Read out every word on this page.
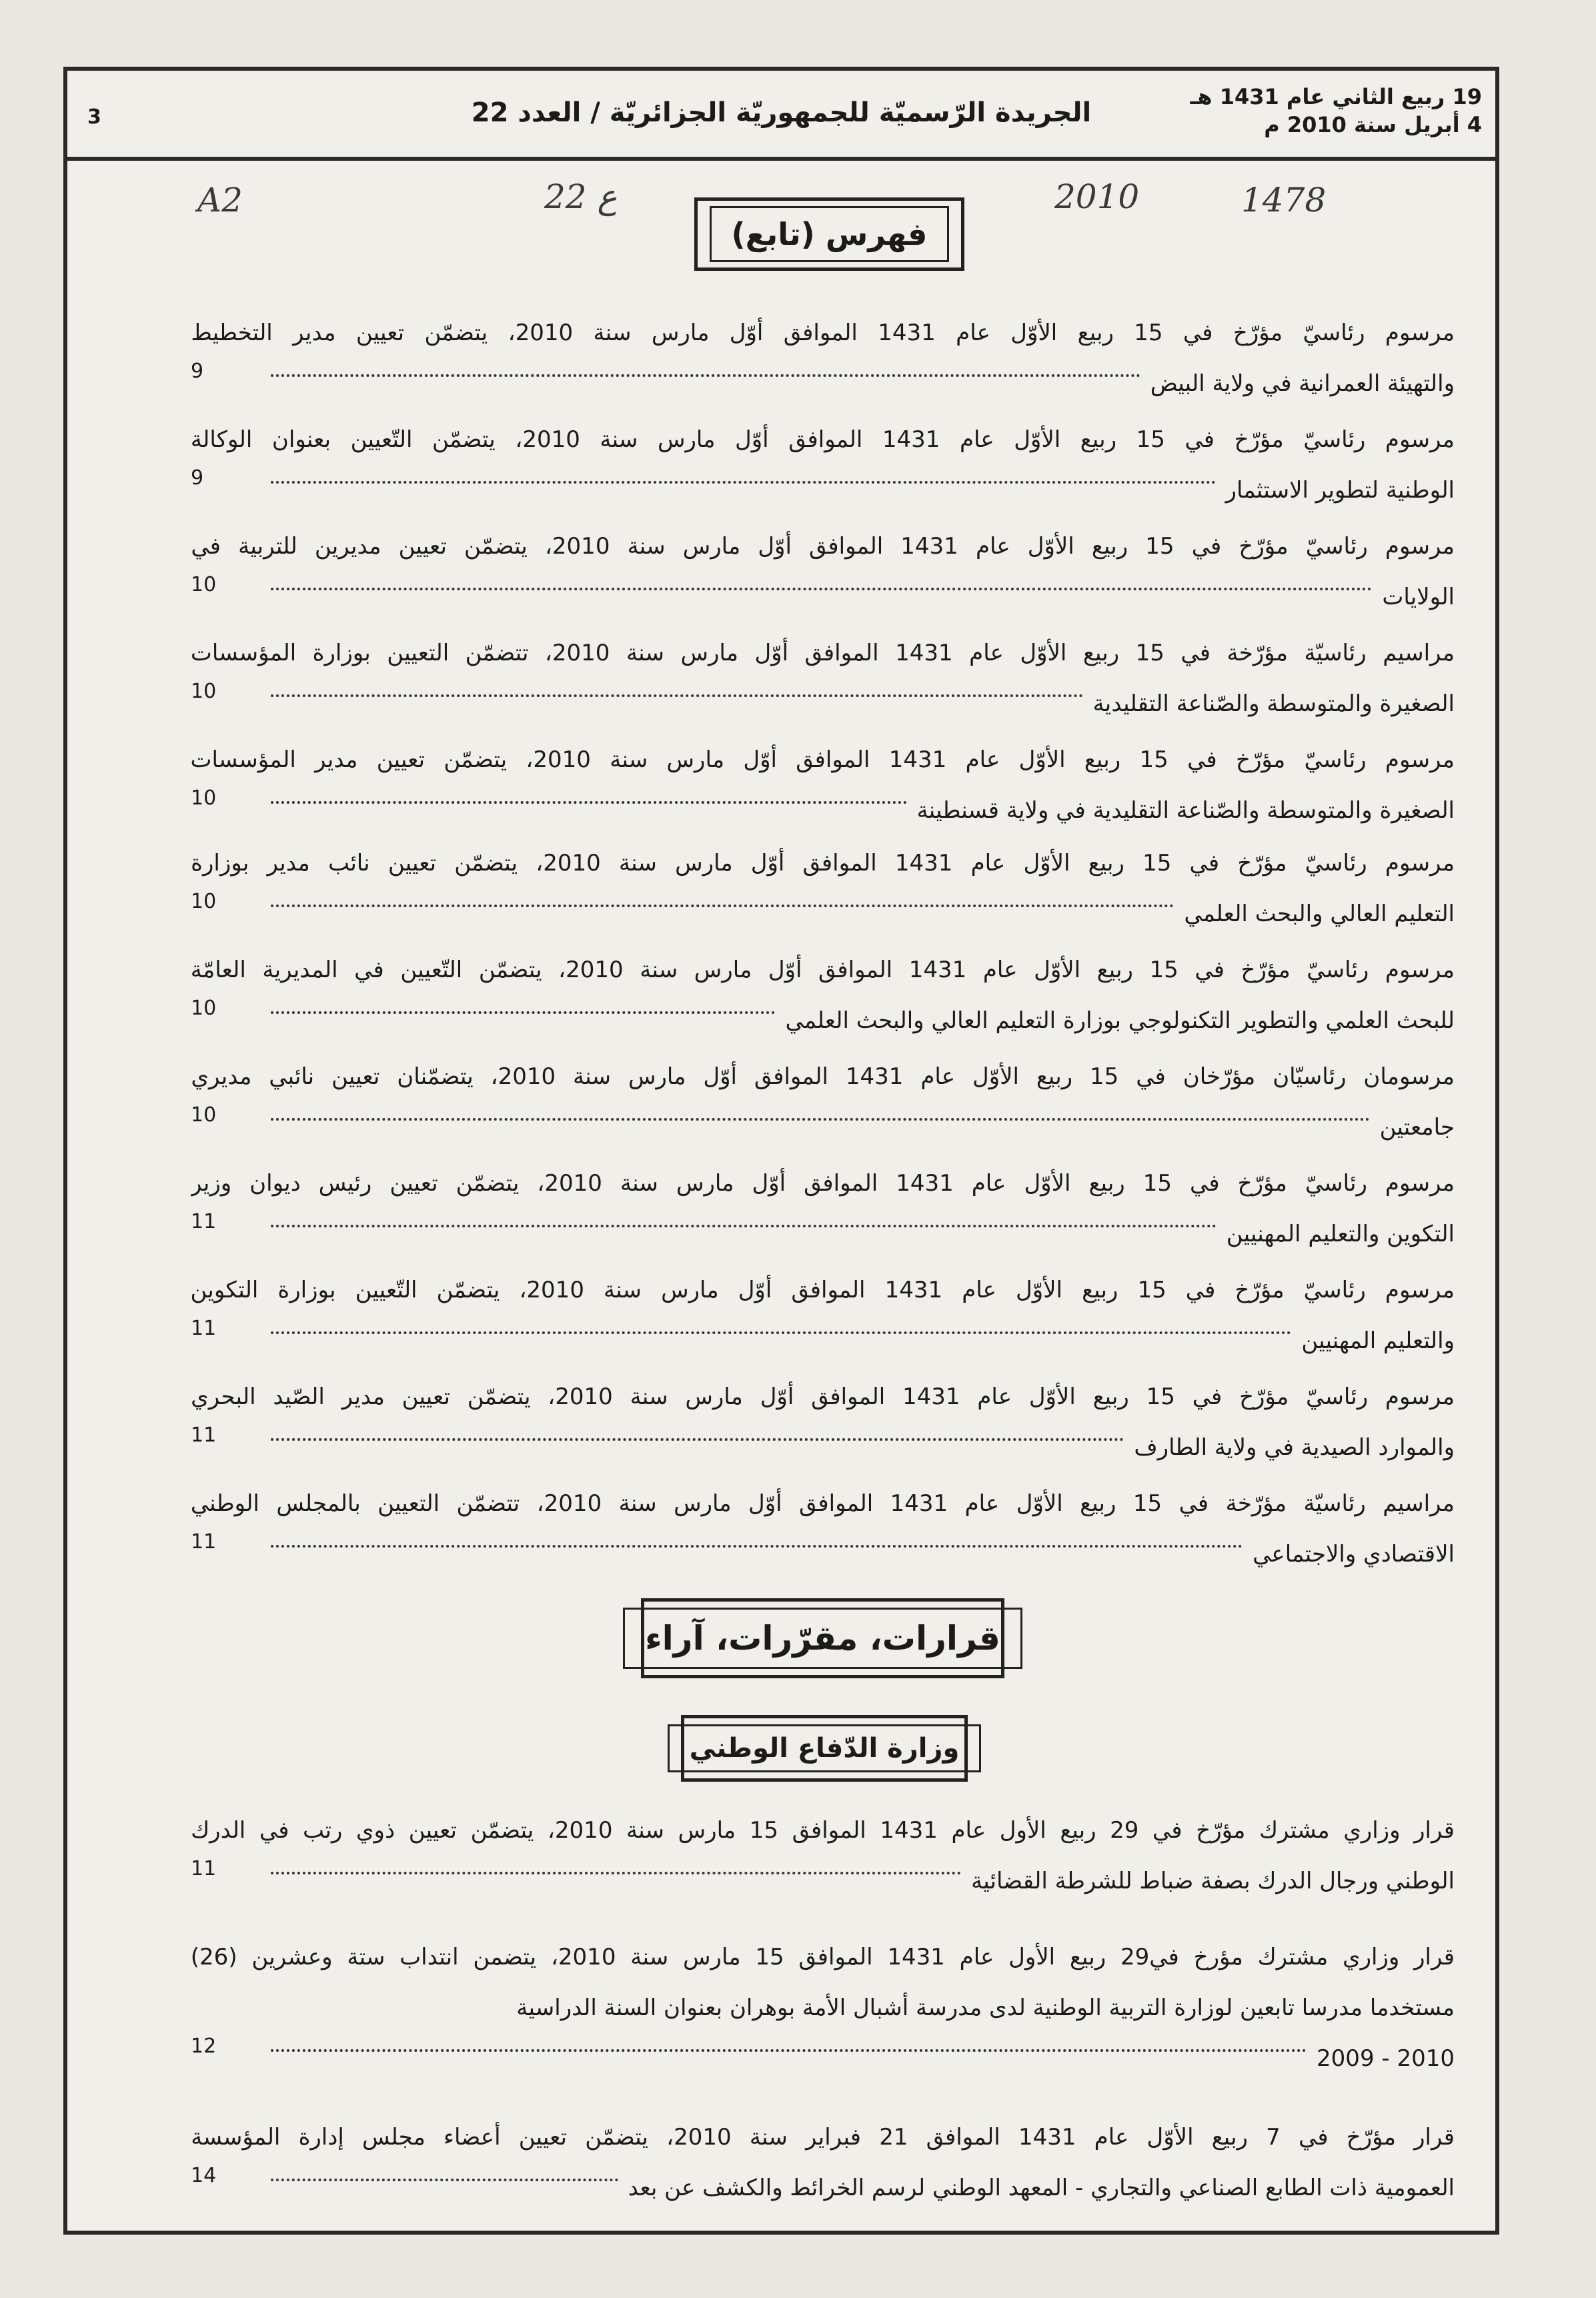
19 ربيع الثاني عام 1431 هـ
4 أبريل سنة 2010 م
الجريدة الرّسميّة للجمهوريّة الجزائريّة / العدد 22
3
A2	22 ع	2010	1478
فهرس (تابع)
مرسوم رئاسيّ مؤرّخ في 15 ربيع الأوّل عام 1431 الموافق أوّل مارس سنة 2010، يتضمّن تعيين مدير التخطيط
والتهيئة العمرانية في ولاية البيض
9
مرسوم رئاسيّ مؤرّخ في 15 ربيع الأوّل عام 1431 الموافق أوّل مارس سنة 2010، يتضمّن التّعيين بعنوان الوكالة
الوطنية لتطوير الاستثمار
9
مرسوم رئاسيّ مؤرّخ في 15 ربيع الأوّل عام 1431 الموافق أوّل مارس سنة 2010، يتضمّن تعيين مديرين للتربية في
الولايات
10
مراسيم رئاسيّة مؤرّخة في 15 ربيع الأوّل عام 1431 الموافق أوّل مارس سنة 2010، تتضمّن التعيين بوزارة المؤسسات
الصغيرة والمتوسطة والصّناعة التقليدية
10
مرسوم رئاسيّ مؤرّخ في 15 ربيع الأوّل عام 1431 الموافق أوّل مارس سنة 2010، يتضمّن تعيين مدير المؤسسات
الصغيرة والمتوسطة والصّناعة التقليدية في ولاية قسنطينة
10
مرسوم رئاسيّ مؤرّخ في 15 ربيع الأوّل عام 1431 الموافق أوّل مارس سنة 2010، يتضمّن تعيين نائب مدير بوزارة
التعليم العالي والبحث العلمي
10
مرسوم رئاسيّ مؤرّخ في 15 ربيع الأوّل عام 1431 الموافق أوّل مارس سنة 2010، يتضمّن التّعيين في المديرية العامّة
للبحث العلمي والتطوير التكنولوجي بوزارة التعليم العالي والبحث العلمي
10
مرسومان رئاسيّان مؤرّخان في 15 ربيع الأوّل عام 1431 الموافق أوّل مارس سنة 2010، يتضمّنان تعيين نائبي مديري
جامعتين
10
مرسوم رئاسيّ مؤرّخ في 15 ربيع الأوّل عام 1431 الموافق أوّل مارس سنة 2010، يتضمّن تعيين رئيس ديوان وزير
التكوين والتعليم المهنيين
11
مرسوم رئاسيّ مؤرّخ في 15 ربيع الأوّل عام 1431 الموافق أوّل مارس سنة 2010، يتضمّن التّعيين بوزارة التكوين
والتعليم المهنيين
11
مرسوم رئاسيّ مؤرّخ في 15 ربيع الأوّل عام 1431 الموافق أوّل مارس سنة 2010، يتضمّن تعيين مدير الصّيد البحري
والموارد الصيدية في ولاية الطارف
11
مراسيم رئاسيّة مؤرّخة في 15 ربيع الأوّل عام 1431 الموافق أوّل مارس سنة 2010، تتضمّن التعيين بالمجلس الوطني
الاقتصادي والاجتماعي
11
قرارات، مقرّرات، آراء
وزارة الدّفاع الوطني
قرار وزاري مشترك مؤرّخ في 29 ربيع الأول عام 1431 الموافق 15 مارس سنة 2010، يتضمّن تعيين ذوي رتب في الدرك
الوطني ورجال الدرك بصفة ضباط للشرطة القضائية
11
قرار وزاري مشترك مؤرخ في29 ربيع الأول عام 1431 الموافق 15 مارس سنة 2010، يتضمن انتداب ستة وعشرين (26)
مستخدما مدرسا تابعين لوزارة التربية الوطنية لدى مدرسة أشبال الأمة بوهران بعنوان السنة الدراسية
2010 - 2009
12
قرار مؤرّخ في 7 ربيع الأوّل عام 1431 الموافق 21 فبراير سنة 2010، يتضمّن تعيين أعضاء مجلس إدارة المؤسسة
العمومية ذات الطابع الصناعي والتجاري - المعهد الوطني لرسم الخرائط والكشف عن بعد
14
